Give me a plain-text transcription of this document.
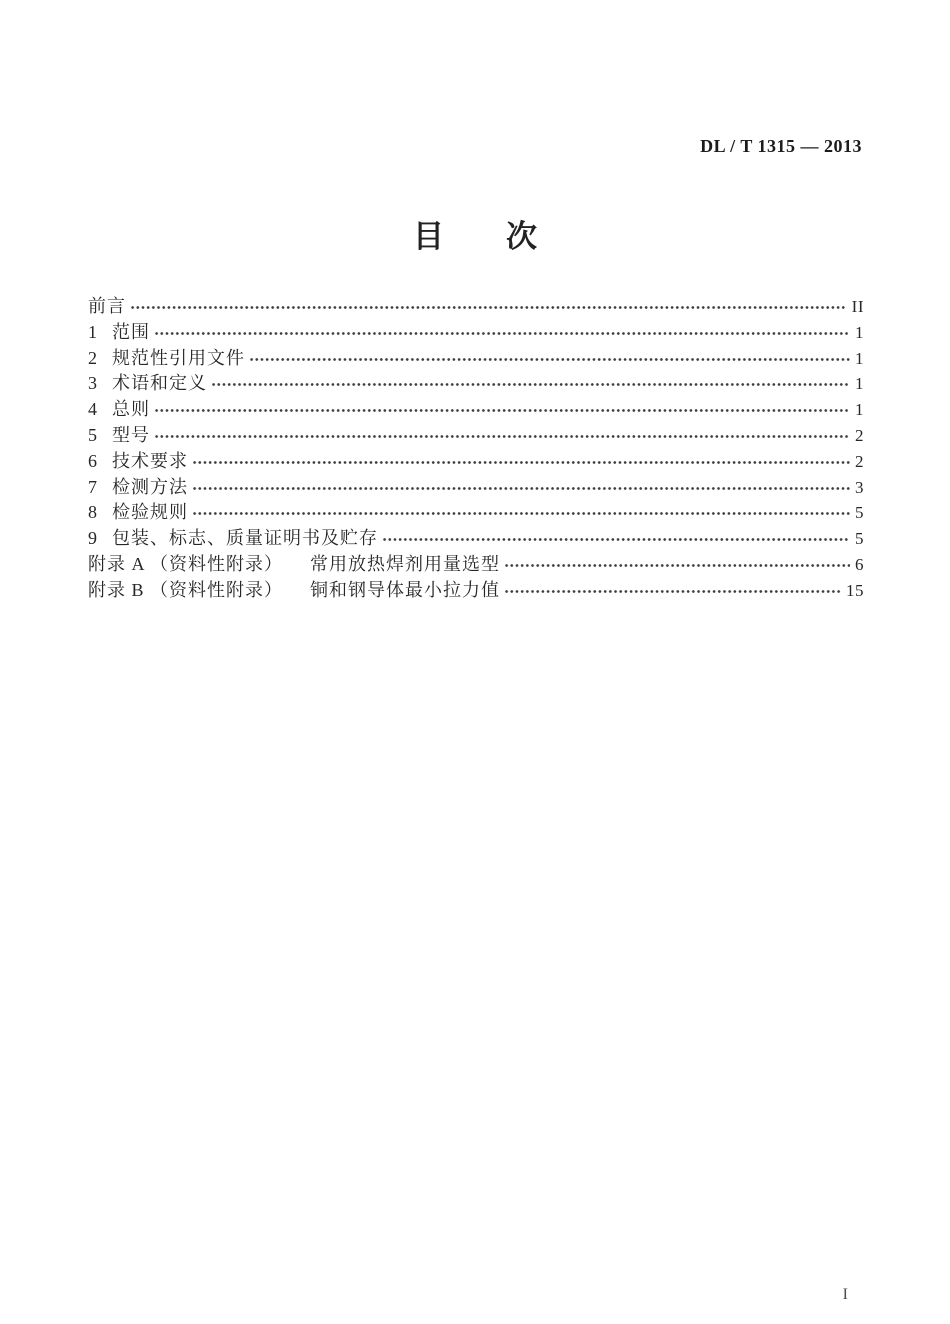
DL / T 1315 — 2013
目　　次
前言	II
1 范围	1
2 规范性引用文件	1
3 术语和定义	1
4 总则	1
5 型号	2
6 技术要求	2
7 检测方法	3
8 检验规则	5
9 包装、标志、质量证明书及贮存	5
附录 A （资料性附录） 常用放热焊剂用量选型	6
附录 B （资料性附录） 铜和钢导体最小拉力值	15
I
